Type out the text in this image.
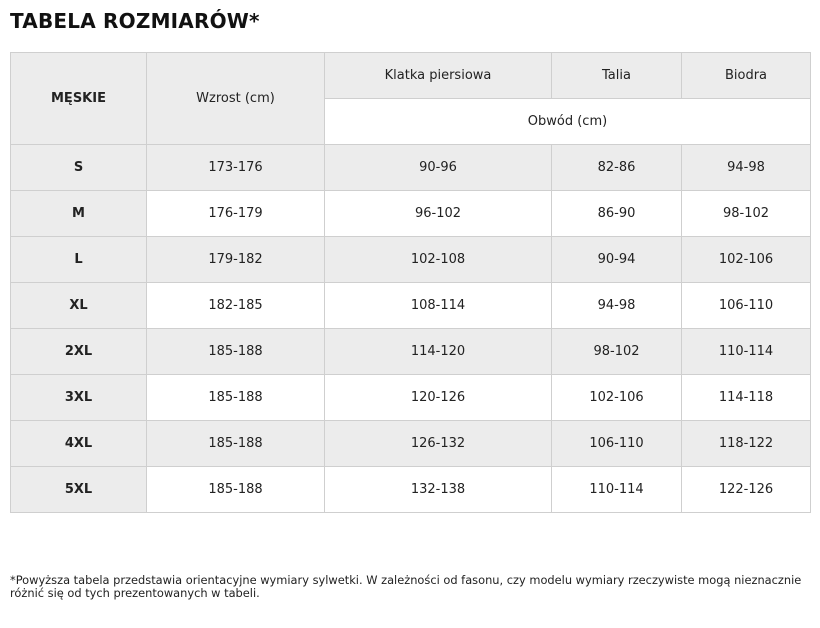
TABELA ROZMIARÓW*
MĘSKIE	Wzrost (cm)	Klatka piersiowa	Talia	Biodra
		Obwód (cm)		
S	173-176	90-96	82-86	94-98
M	176-179	96-102	86-90	98-102
L	179-182	102-108	90-94	102-106
XL	182-185	108-114	94-98	106-110
2XL	185-188	114-120	98-102	110-114
3XL	185-188	120-126	102-106	114-118
4XL	185-188	126-132	106-110	118-122
5XL	185-188	132-138	110-114	122-126
*Powyższa tabela przedstawia orientacyjne wymiary sylwetki. W zależności od fasonu, czy modelu wymiary rzeczywiste mogą nieznacznie różnić się od tych prezentowanych w tabeli.
